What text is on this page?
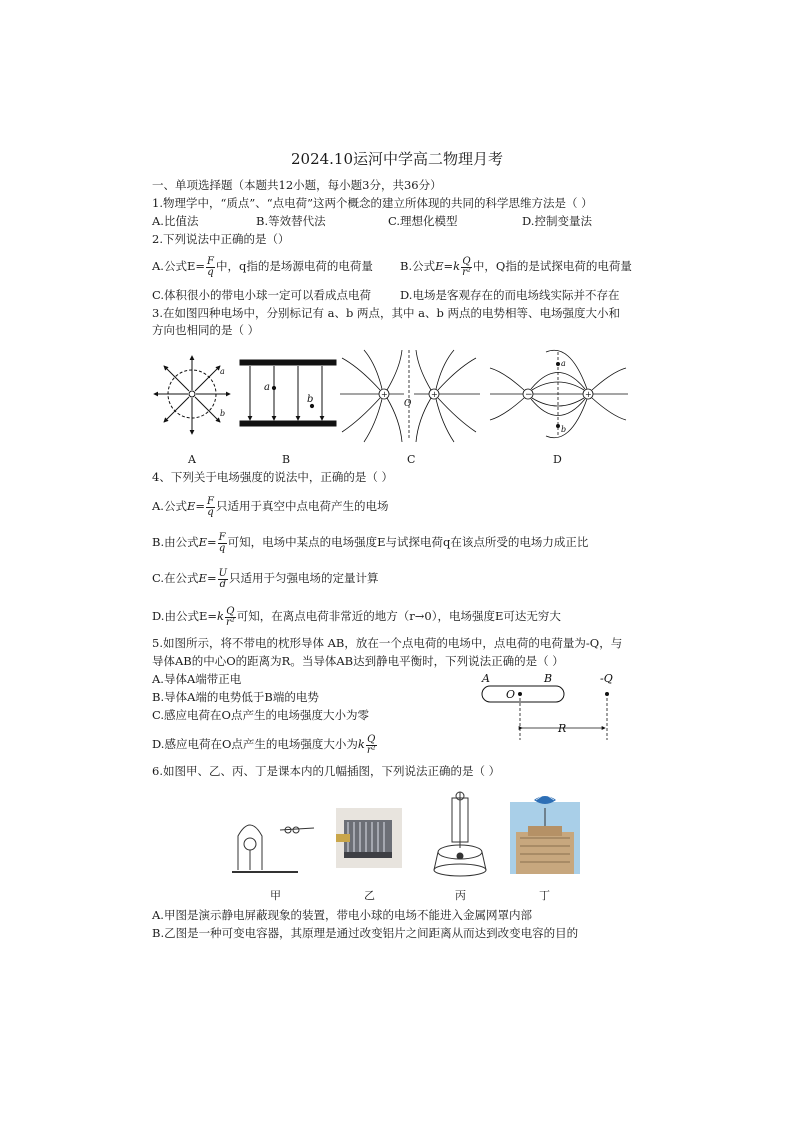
2024.10运河中学高二物理月考
一、单项选择题（本题共12小题，每小题3分，共36分）
1.物理学中，“质点”、“点电荷”这两个概念的建立所体现的共同的科学思维方法是（ ）
A.比值法	B.等效替代法	C.理想化模型	D.控制变量法
2.下列说法中正确的是（）
A.公式$E= \frac{F}{q}$ 中，q指的是场源电荷的电荷量 B.公式$E=k \frac{Q}{\text{r²}}$ 中，Q指的是试探电荷的电荷量
C.体积很小的带电小球一定可以看成点电荷	D.电场是客观存在的而电场线实际并不存在
3.在如图四种电场中，分别标记有 a、b 两点，其中 a、b 两点的电势相等、电场强度大小和
方向也相同的是（ ）
a
b
a
b	+	+
O
−	+
a
b
A	B	C	D
4、下列关于电场强度的说法中，正确的是（ ）
A.公式$E= \frac{F}{q}$ 只适用于真空中点电荷产生的电场
B.由公式$E= \frac{F}{q}$ 可知，电场中某点的电场强度E与试探电荷q在该点所受的电场力成正比
C.在公式$E= \frac{U}{d}$ 只适用于匀强电场的定量计算
D.由公式$E=k \frac{Q}{\text{r²}}$ 可知，在离点电荷非常近的地方（r→0），电场强度E可达无穷大
5.如图所示，将不带电的枕形导体 AB，放在一个点电荷的电场中，点电荷的电荷量为-Q，与
导体AB的中心O的距离为R。当导体AB达到静电平衡时，下列说法正确的是（ ）
A.导体A端带正电
B.导体A端的电势低于B端的电势
C.感应电荷在O点产生的电场强度大小为零
D.感应电荷在O点产生的电场强度大小为k $\frac{Q}{\text{r²}}$
A	B
O
-Q
R
6.如图甲、乙、丙、丁是课本内的几幅插图，下列说法正确的是（ ）
甲	乙	丙	丁
A.甲图是演示静电屏蔽现象的装置，带电小球的电场不能进入金属网罩内部
B.乙图是一种可变电容器，其原理是通过改变铝片之间距离从而达到改变电容的目的
